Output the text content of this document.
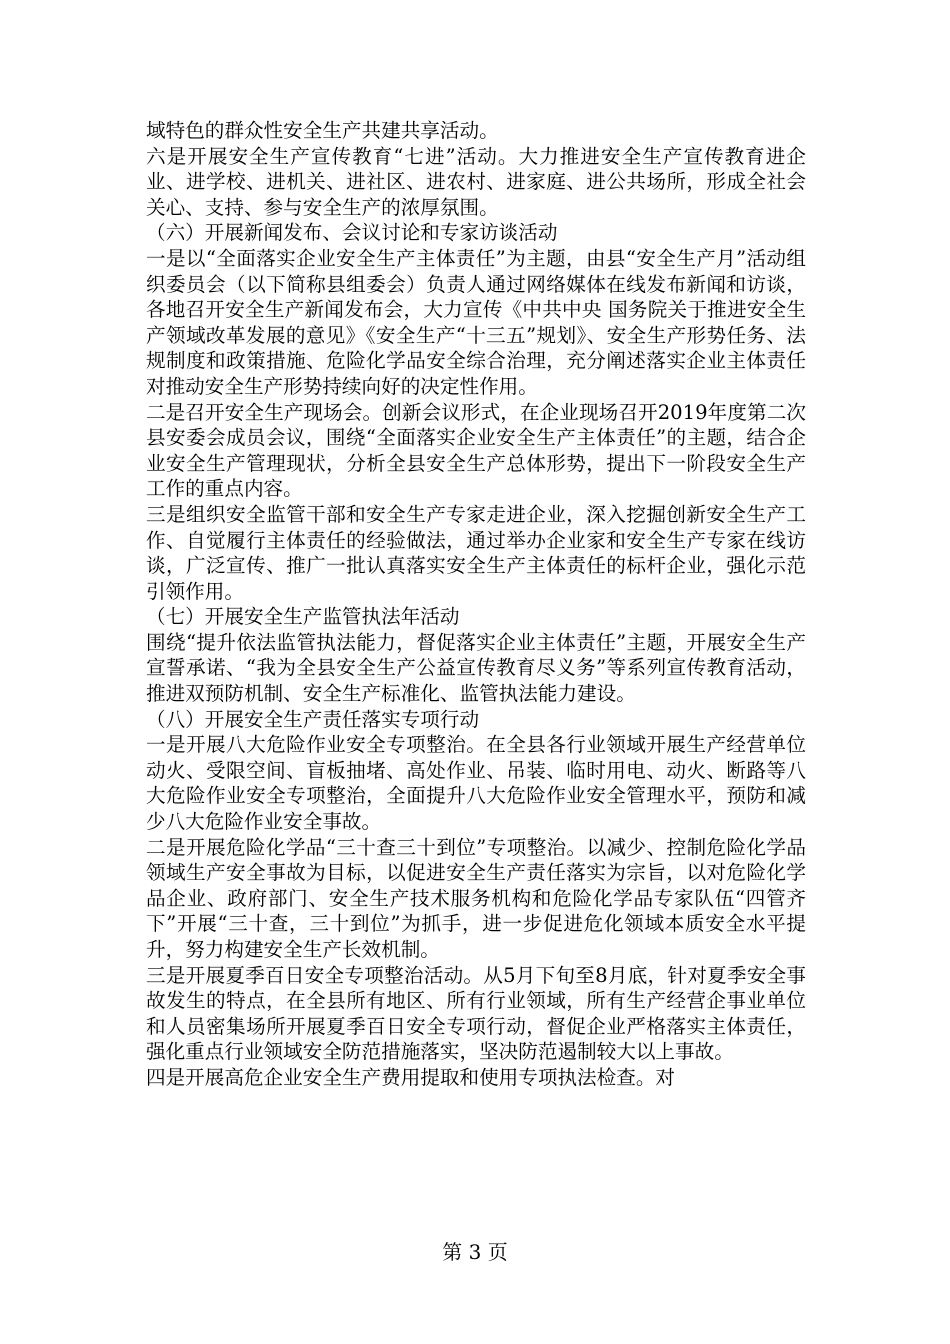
域特色的群众性安全生产共建共享活动。

六是开展安全生产宣传教育“七进”活动。大力推进安全生产宣传教育进企业、进学校、进机关、进社区、进农村、进家庭、进公共场所，形成全社会关心、支持、参与安全生产的浓厚氛围。

（六）开展新闻发布、会议讨论和专家访谈活动

一是以“全面落实企业安全生产主体责任”为主题，由县“安全生产月”活动组织委员会（以下简称县组委会）负责人通过网络媒体在线发布新闻和访谈，各地召开安全生产新闻发布会，大力宣传《中共中央 国务院关于推进安全生产领域改革发展的意见》《安全生产“十三五”规划》、安全生产形势任务、法规制度和政策措施、危险化学品安全综合治理，充分阐述落实企业主体责任对推动安全生产形势持续向好的决定性作用。

二是召开安全生产现场会。创新会议形式，在企业现场召开2019年度第二次县安委会成员会议，围绕“全面落实企业安全生产主体责任”的主题，结合企业安全生产管理现状，分析全县安全生产总体形势，提出下一阶段安全生产工作的重点内容。

三是组织安全监管干部和安全生产专家走进企业，深入挖掘创新安全生产工作、自觉履行主体责任的经验做法，通过举办企业家和安全生产专家在线访谈，广泛宣传、推广一批认真落实安全生产主体责任的标杆企业，强化示范引领作用。

（七）开展安全生产监管执法年活动

围绕“提升依法监管执法能力，督促落实企业主体责任”主题，开展安全生产宣誓承诺、“我为全县安全生产公益宣传教育尽义务”等系列宣传教育活动，推进双预防机制、安全生产标准化、监管执法能力建设。

（八）开展安全生产责任落实专项行动

一是开展八大危险作业安全专项整治。在全县各行业领域开展生产经营单位动火、受限空间、盲板抽堵、高处作业、吊装、临时用电、动火、断路等八大危险作业安全专项整治，全面提升八大危险作业安全管理水平，预防和减少八大危险作业安全事故。

二是开展危险化学品“三十查三十到位”专项整治。以减少、控制危险化学品领域生产安全事故为目标，以促进安全生产责任落实为宗旨，以对危险化学品企业、政府部门、安全生产技术服务机构和危险化学品专家队伍“四管齐下”开展“三十查，三十到位”为抓手，进一步促进危化领域本质安全水平提升，努力构建安全生产长效机制。

三是开展夏季百日安全专项整治活动。从5月下旬至8月底，针对夏季安全事故发生的特点，在全县所有地区、所有行业领域，所有生产经营企事业单位和人员密集场所开展夏季百日安全专项行动，督促企业严格落实主体责任，强化重点行业领域安全防范措施落实，坚决防范遏制较大以上事故。

四是开展高危企业安全生产费用提取和使用专项执法检查。对

第 3 页
